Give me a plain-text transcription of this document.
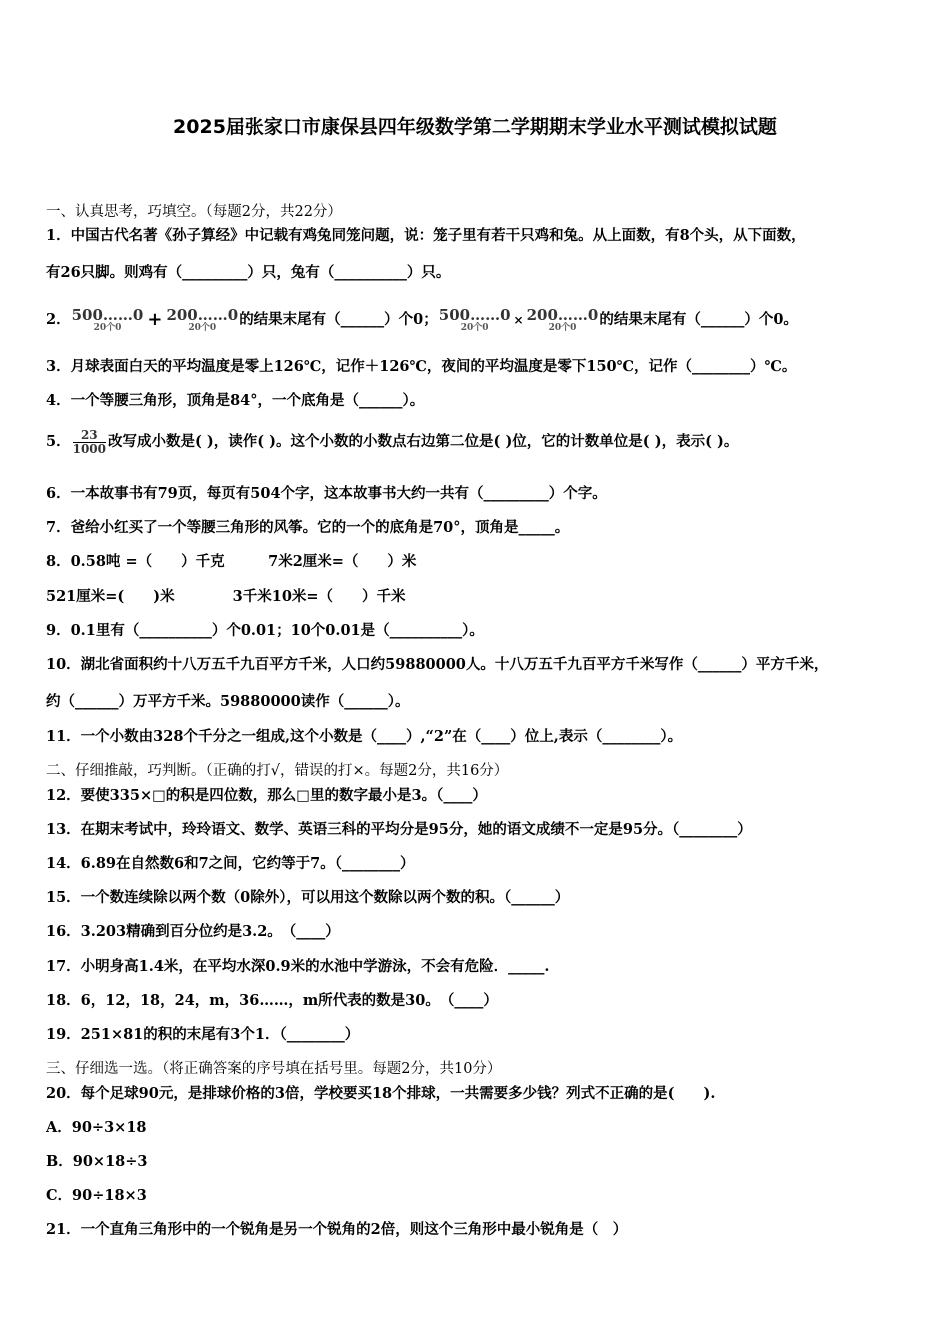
2025届张家口市康保县四年级数学第二学期期末学业水平测试模拟试题
一、认真思考，巧填空。（每题2分，共22分）
1．中国古代名著《孙子算经》中记载有鸡兔同笼问题，说：笼子里有若干只鸡和兔。从上面数，有8个头，从下面数，
有26只脚。则鸡有（_________）只，兔有（__________）只。
2． 500……0
20个0	+ 200……0
20个0	的结果末尾有（______）个0； 500……0
20个0
× 200……0
20个0	的结果末尾有（______）个0。
3．月球表面白天的平均温度是零上126℃，记作＋126℃，夜间的平均温度是零下150℃，记作（________）℃。
4．一个等腰三角形，顶角是84°，一个底角是（______）。
5． $\frac{23}{1000}$ 改写成小数是( )，读作( )。这个小数的小数点右边第二位是( )位，它的计数单位是( )，表示( )。
6．一本故事书有79页，每页有504个字，这本故事书大约一共有（_________）个字。
7．爸给小红买了一个等腰三角形的风筝。它的一个的底角是70°，顶角是_____。
8．0.58吨 =（　　）千克　　　7米2厘米=（　　）米
521厘米=(　　)米　　　　3千米10米=（　　）千米
9．0.1里有（__________）个0.01；10个0.01是（__________）。
10．湖北省面积约十八万五千九百平方千米，人口约59880000人。十八万五千九百平方千米写作（______）平方千米，
约（______）万平方千米。59880000读作（______）。
11．一个小数由328个千分之一组成,这个小数是（____）,“2”在（____）位上,表示（________）。
二、仔细推敲，巧判断。（正确的打√，错误的打×。每题2分，共16分）
12．要使335×□的积是四位数，那么□里的数字最小是3。（____）
13．在期末考试中，玲玲语文、数学、英语三科的平均分是95分，她的语文成绩不一定是95分。（________）
14．6.89在自然数6和7之间，它约等于7。（________）
15．一个数连续除以两个数（0除外），可以用这个数除以两个数的积。（______）
16．3.203精确到百分位约是3.2。　（____）
17．小明身高1.4米，在平均水深0.9米的水池中学游泳，不会有危险．_____.
18．6，12，18，24，m，36……，m所代表的数是30。　（____）
19．251×81的积的末尾有3个1．（________）
三、仔细选一选。（将正确答案的序号填在括号里。每题2分，共10分）
20．每个足球90元，是排球价格的3倍，学校要买18个排球，一共需要多少钱？列式不正确的是(　　).
A．90÷3×18
B．90×18÷3
C．90÷18×3
21．一个直角三角形中的一个锐角是另一个锐角的2倍，则这个三角形中最小锐角是（　）
